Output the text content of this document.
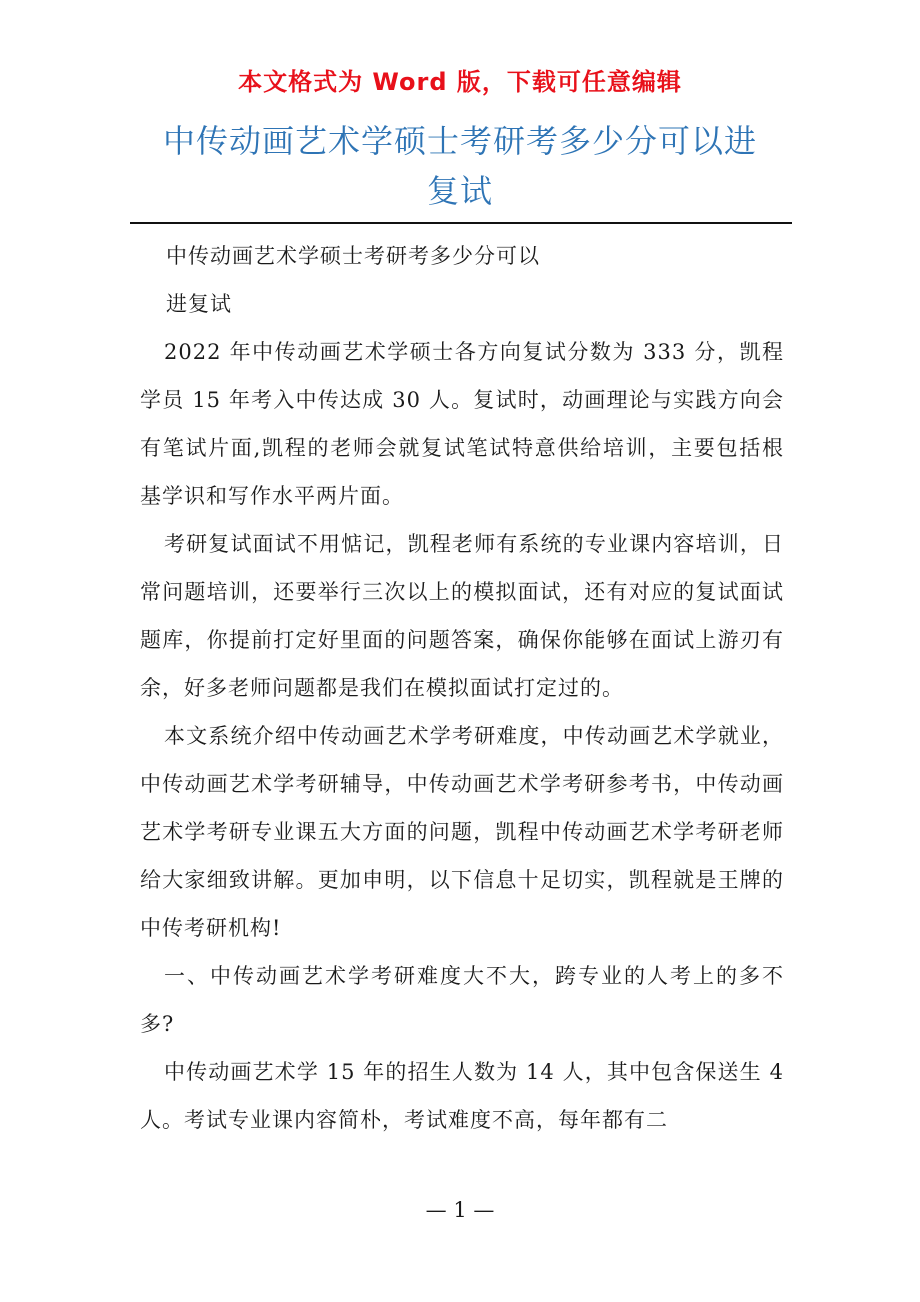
本文格式为 Word 版，下载可任意编辑
中传动画艺术学硕士考研考多少分可以进
复试

中传动画艺术学硕士考研考多少分可以

进复试

2022 年中传动画艺术学硕士各方向复试分数为 333 分，凯程学员 15 年考入中传达成 30 人。复试时，动画理论与实践方向会有笔试片面,凯程的老师会就复试笔试特意供给培训，主要包括根基学识和写作水平两片面。

考研复试面试不用惦记，凯程老师有系统的专业课内容培训，日常问题培训，还要举行三次以上的模拟面试，还有对应的复试面试题库，你提前打定好里面的问题答案，确保你能够在面试上游刃有余，好多老师问题都是我们在模拟面试打定过的。

本文系统介绍中传动画艺术学考研难度，中传动画艺术学就业，中传动画艺术学考研辅导，中传动画艺术学考研参考书，中传动画艺术学考研专业课五大方面的问题，凯程中传动画艺术学考研老师给大家细致讲解。更加申明，以下信息十足切实，凯程就是王牌的中传考研机构!

一、中传动画艺术学考研难度大不大，跨专业的人考上的多不多?

中传动画艺术学 15 年的招生人数为 14 人，其中包含保送生 4 人。考试专业课内容简朴，考试难度不高，每年都有二

— 1 —
